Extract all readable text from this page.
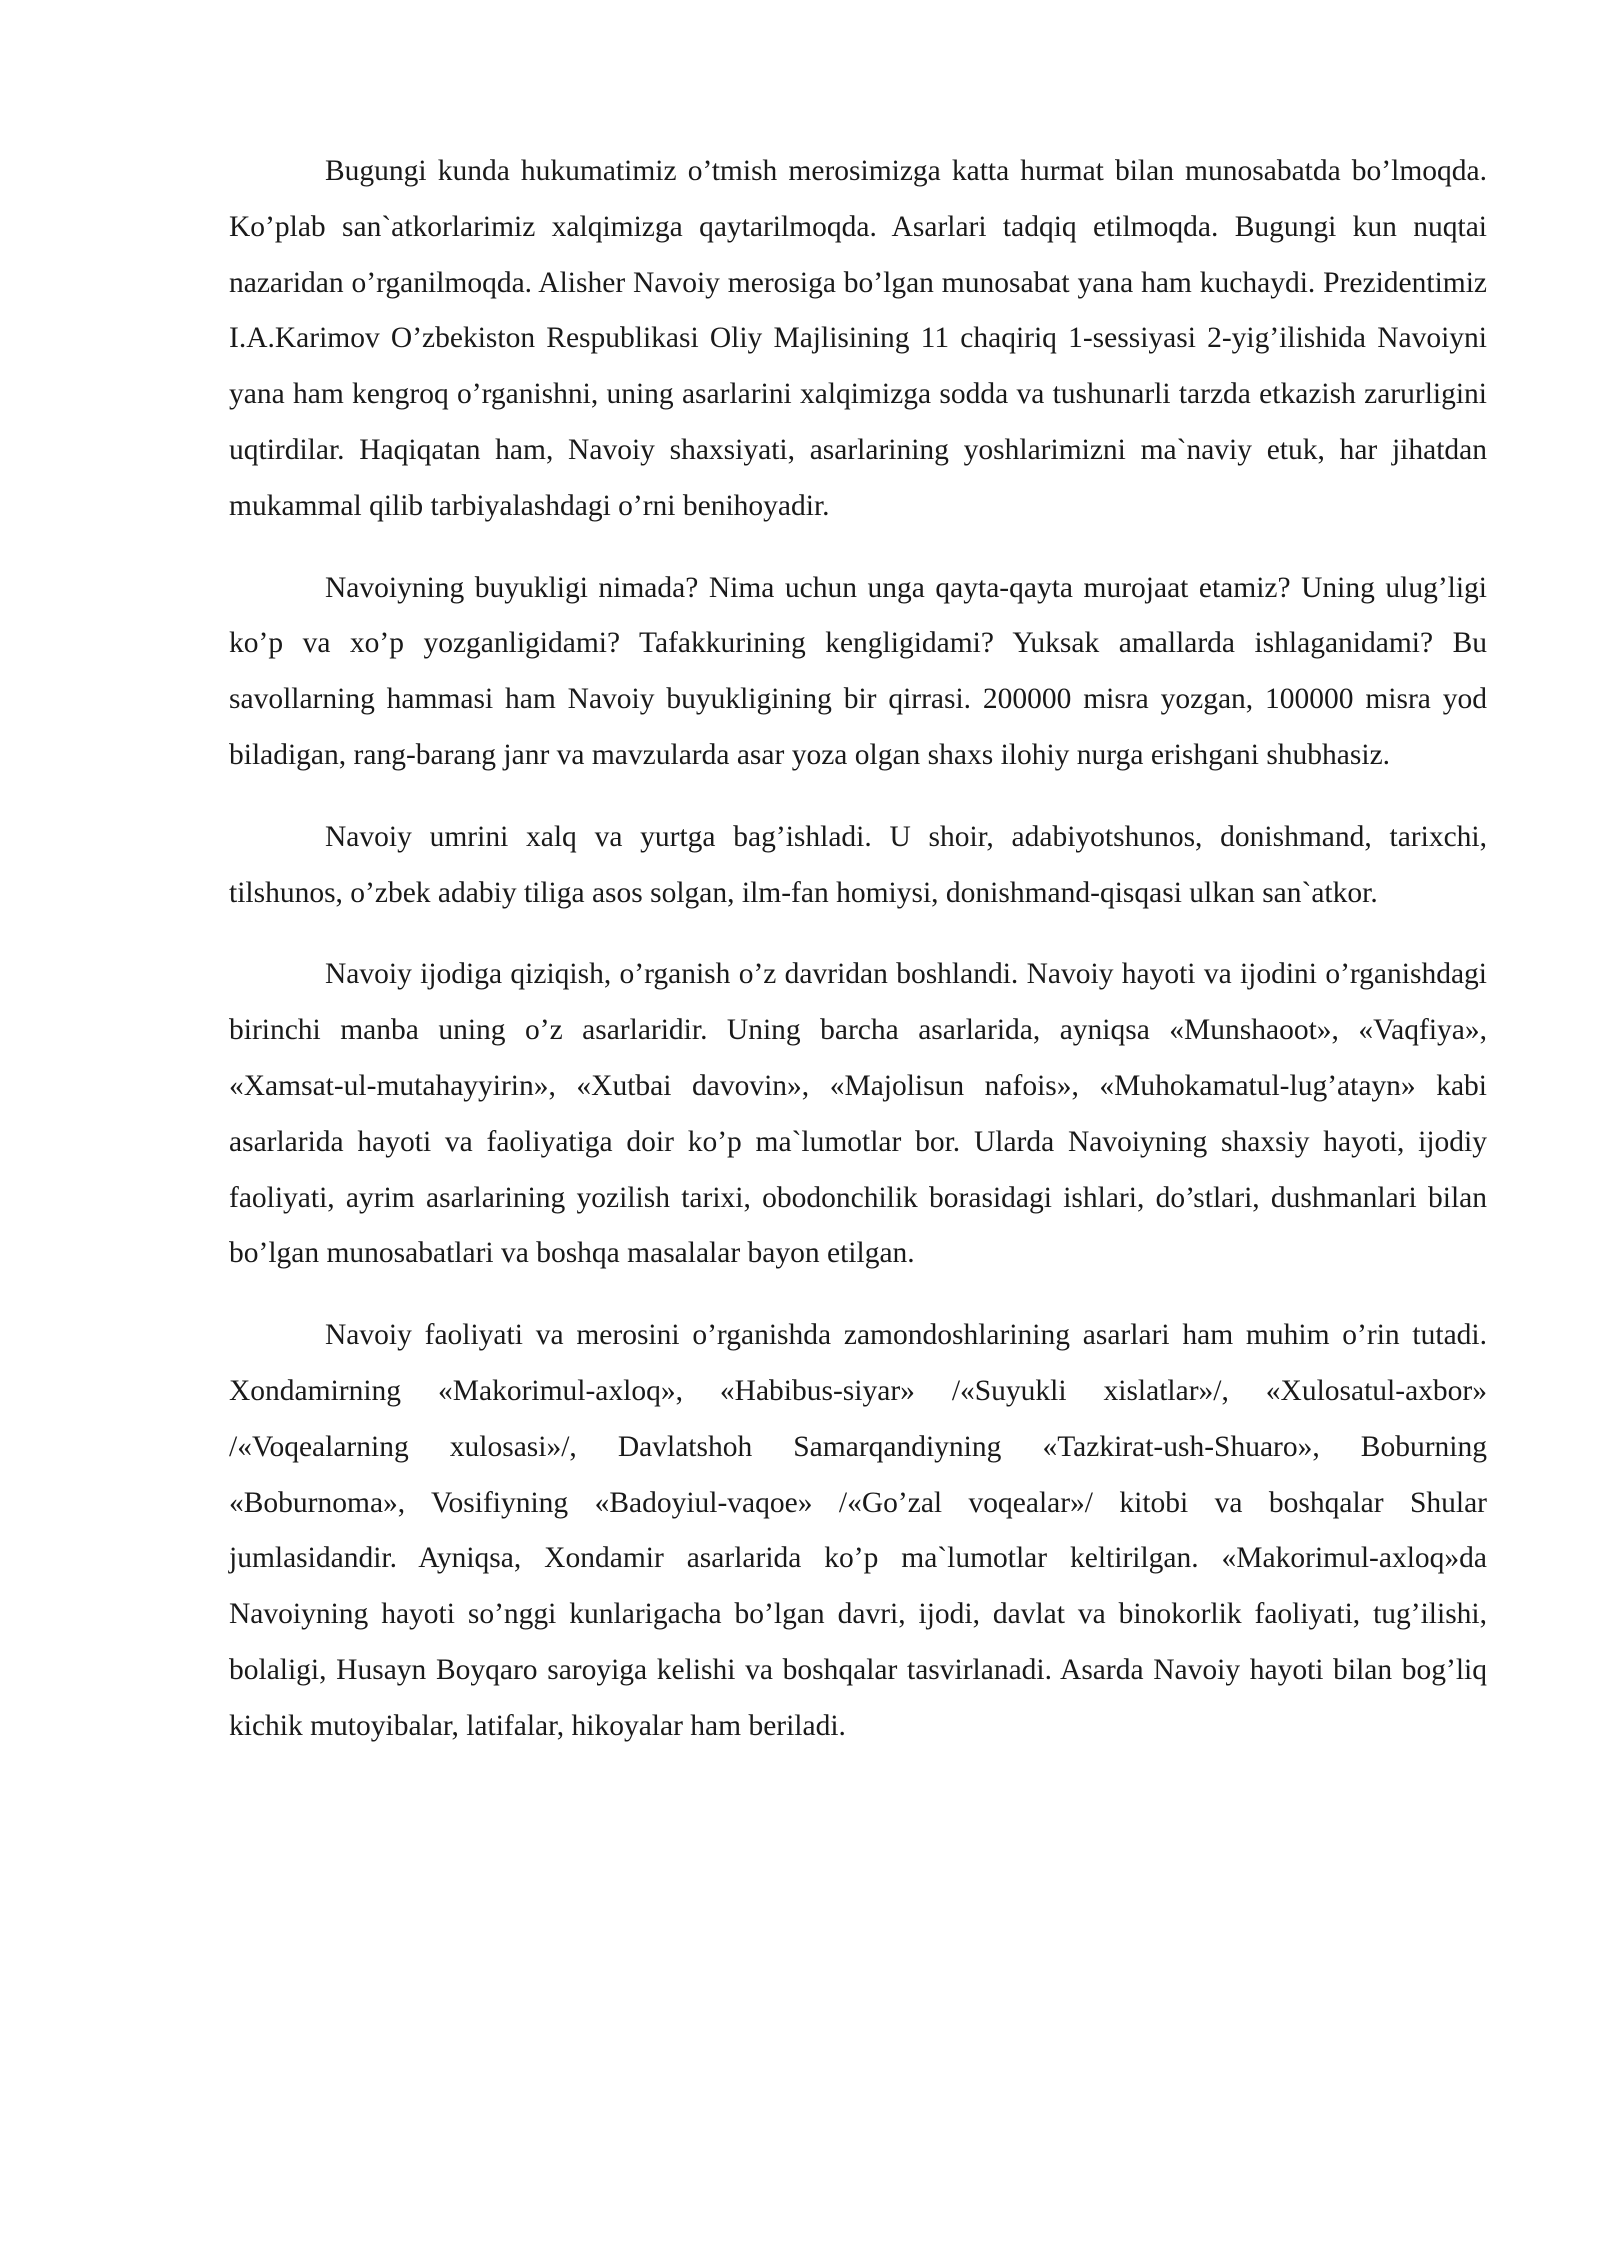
Bugungi kunda hukumatimiz o’tmish merosimizga katta hurmat bilan munosabatda bo’lmoqda. Ko’plab san`atkorlarimiz xalqimizga qaytarilmoqda. Asarlari tadqiq etilmoqda. Bugungi kun nuqtai nazaridan o’rganilmoqda. Alisher Navoiy merosiga bo’lgan munosabat yana ham kuchaydi. Prezidentimiz I.A.Karimov O’zbekiston Respublikasi Oliy Majlisining 11 chaqiriq 1-sessiyasi 2-yig’ilishida Navoiyni yana ham kengroq o’rganishni, uning asarlarini xalqimizga sodda va tushunarli tarzda etkazish zarurligini uqtirdilar. Haqiqatan ham, Navoiy shaxsiyati, asarlarining yoshlarimizni ma`naviy etuk, har jihatdan mukammal qilib tarbiyalashdagi o’rni benihoyadir.

Navoiyning buyukligi nimada? Nima uchun unga qayta-qayta murojaat etamiz? Uning ulug’ligi ko’p va xo’p yozganligidami? Tafakkurining kengligidami? Yuksak amallarda ishlaganidami? Bu savollarning hammasi ham Navoiy buyukligining bir qirrasi. 200000 misra yozgan, 100000 misra yod biladigan, rang-barang janr va mavzularda asar yoza olgan shaxs ilohiy nurga erishgani shubhasiz.

Navoiy umrini xalq va yurtga bag’ishladi. U shoir, adabiyotshunos, donishmand, tarixchi, tilshunos, o’zbek adabiy tiliga asos solgan, ilm-fan homiysi, donishmand-qisqasi ulkan san`atkor.

Navoiy ijodiga qiziqish, o’rganish o’z davridan boshlandi. Navoiy hayoti va ijodini o’rganishdagi birinchi manba uning o’z asarlaridir. Uning barcha asarlarida, ayniqsa «Munshaoot», «Vaqfiya», «Xamsat-ul-mutahayyirin», «Xutbai davovin», «Majolisun nafois», «Muhokamatul-lug’atayn» kabi asarlarida hayoti va faoliyatiga doir ko’p ma`lumotlar bor. Ularda Navoiyning shaxsiy hayoti, ijodiy faoliyati, ayrim asarlarining yozilish tarixi, obodonchilik borasidagi ishlari, do’stlari, dushmanlari bilan bo’lgan munosabatlari va boshqa masalalar bayon etilgan.

Navoiy faoliyati va merosini o’rganishda zamondoshlarining asarlari ham muhim o’rin tutadi. Xondamirning «Makorimul-axloq», «Habibus-siyar» /«Suyukli xislatlar»/, «Xulosatul-axbor» /«Voqealarning xulosasi»/, Davlatshoh Samarqandiyning «Tazkirat-ush-Shuaro», Boburning «Boburnoma», Vosifiyning «Badoyiul-vaqoe» /«Go’zal voqealar»/ kitobi va boshqalar Shular jumlasidandir. Ayniqsa, Xondamir asarlarida ko’p ma`lumotlar keltirilgan. «Makorimul-axloq»da Navoiyning hayoti so’nggi kunlarigacha bo’lgan davri, ijodi, davlat va binokorlik faoliyati, tug’ilishi, bolaligi, Husayn Boyqaro saroyiga kelishi va boshqalar tasvirlanadi. Asarda Navoiy hayoti bilan bog’liq kichik mutoyibalar, latifalar, hikoyalar ham beriladi.
